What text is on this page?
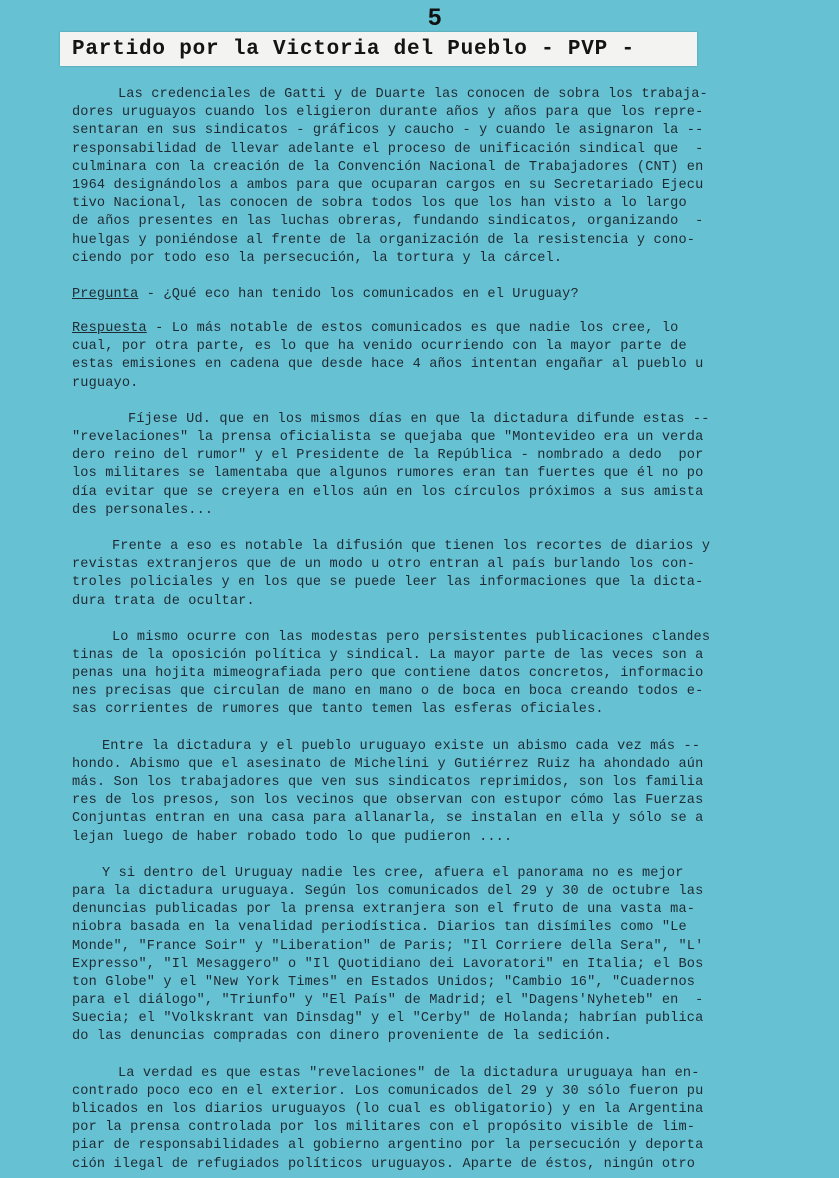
5
Partido por la Victoria del Pueblo - PVP -
Las credenciales de Gatti y de Duarte las conocen de sobra los trabaja-
dores uruguayos cuando los eligieron durante años y años para que los repre-
sentaran en sus sindicatos - gráficos y caucho - y cuando le asignaron la --
responsabilidad de llevar adelante el proceso de unificación sindical que  -
culminara con la creación de la Convención Nacional de Trabajadores (CNT) en
1964 designándolos a ambos para que ocuparan cargos en su Secretariado Ejecu
tivo Nacional, las conocen de sobra todos los que los han visto a lo largo
de años presentes en las luchas obreras, fundando sindicatos, organizando  -
huelgas y poniéndose al frente de la organización de la resistencia y cono-
ciendo por todo eso la persecución, la tortura y la cárcel.
Pregunta - ¿Qué eco han tenido los comunicados en el Uruguay?
Respuesta - Lo más notable de estos comunicados es que nadie los cree, lo
cual, por otra parte, es lo que ha venido ocurriendo con la mayor parte de
estas emisiones en cadena que desde hace 4 años intentan engañar al pueblo u
ruguayo.
Fíjese Ud. que en los mismos días en que la dictadura difunde estas --
"revelaciones" la prensa oficialista se quejaba que "Montevideo era un verda
dero reino del rumor" y el Presidente de la República - nombrado a dedo  por
los militares se lamentaba que algunos rumores eran tan fuertes que él no po
día evitar que se creyera en ellos aún en los círculos próximos a sus amista
des personales...
Frente a eso es notable la difusión que tienen los recortes de diarios y
revistas extranjeros que de un modo u otro entran al país burlando los con-
troles policiales y en los que se puede leer las informaciones que la dicta-
dura trata de ocultar.
Lo mismo ocurre con las modestas pero persistentes publicaciones clandes
tinas de la oposición política y sindical. La mayor parte de las veces son a
penas una hojita mimeografiada pero que contiene datos concretos, informacio
nes precisas que circulan de mano en mano o de boca en boca creando todos e-
sas corrientes de rumores que tanto temen las esferas oficiales.
Entre la dictadura y el pueblo uruguayo existe un abismo cada vez más --
hondo. Abismo que el asesinato de Michelini y Gutiérrez Ruiz ha ahondado aún
más. Son los trabajadores que ven sus sindicatos reprimidos, son los familia
res de los presos, son los vecinos que observan con estupor cómo las Fuerzas
Conjuntas entran en una casa para allanarla, se instalan en ella y sólo se a
lejan luego de haber robado todo lo que pudieron ....
Y si dentro del Uruguay nadie les cree, afuera el panorama no es mejor
para la dictadura uruguaya. Según los comunicados del 29 y 30 de octubre las
denuncias publicadas por la prensa extranjera son el fruto de una vasta ma-
niobra basada en la venalidad periodística. Diarios tan disímiles como "Le
Monde", "France Soir" y "Liberation" de Paris; "Il Corriere della Sera", "L'
Expresso", "Il Mesaggero" o "Il Quotidiano dei Lavoratori" en Italia; el Bos
ton Globe" y el "New York Times" en Estados Unidos; "Cambio 16", "Cuadernos
para el diálogo", "Triunfo" y "El País" de Madrid; el "Dagens'Nyheteb" en  -
Suecia; el "Volkskrant van Dinsdag" y el "Cerby" de Holanda; habrían publica
do las denuncias compradas con dinero proveniente de la sedición.
La verdad es que estas "revelaciones" de la dictadura uruguaya han en-
contrado poco eco en el exterior. Los comunicados del 29 y 30 sólo fueron pu
blicados en los diarios uruguayos (lo cual es obligatorio) y en la Argentina
por la prensa controlada por los militares con el propósito visible de lim-
piar de responsabilidades al gobierno argentino por la persecución y deporta
ción ilegal de refugiados políticos uruguayos. Aparte de éstos, ningún otro
